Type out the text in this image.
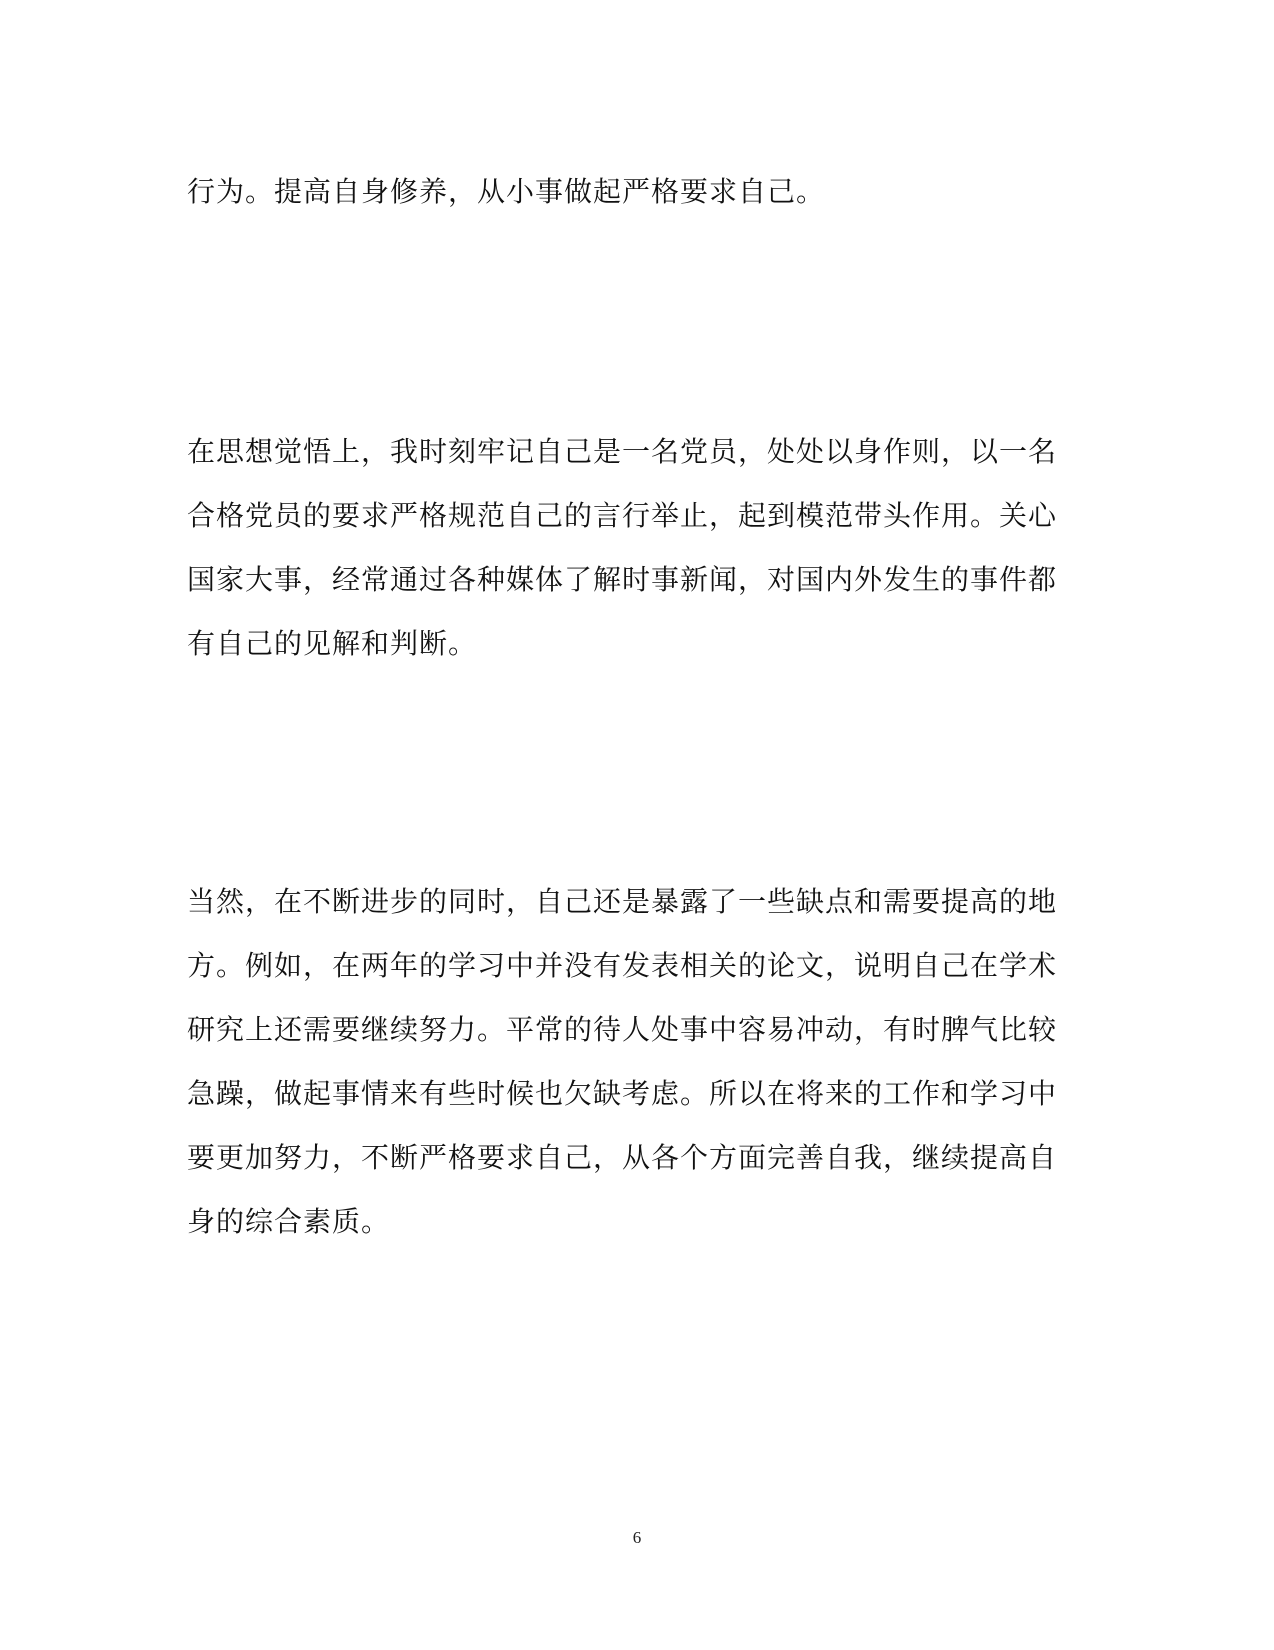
行为。提高自身修养，从小事做起严格要求自己。
在思想觉悟上，我时刻牢记自己是一名党员，处处以身作则，以一名
合格党员的要求严格规范自己的言行举止，起到模范带头作用。关心
国家大事，经常通过各种媒体了解时事新闻，对国内外发生的事件都
有自己的见解和判断。
当然，在不断进步的同时，自己还是暴露了一些缺点和需要提高的地
方。例如，在两年的学习中并没有发表相关的论文，说明自己在学术
研究上还需要继续努力。平常的待人处事中容易冲动，有时脾气比较
急躁，做起事情来有些时候也欠缺考虑。所以在将来的工作和学习中
要更加努力，不断严格要求自己，从各个方面完善自我，继续提高自
身的综合素质。
6
